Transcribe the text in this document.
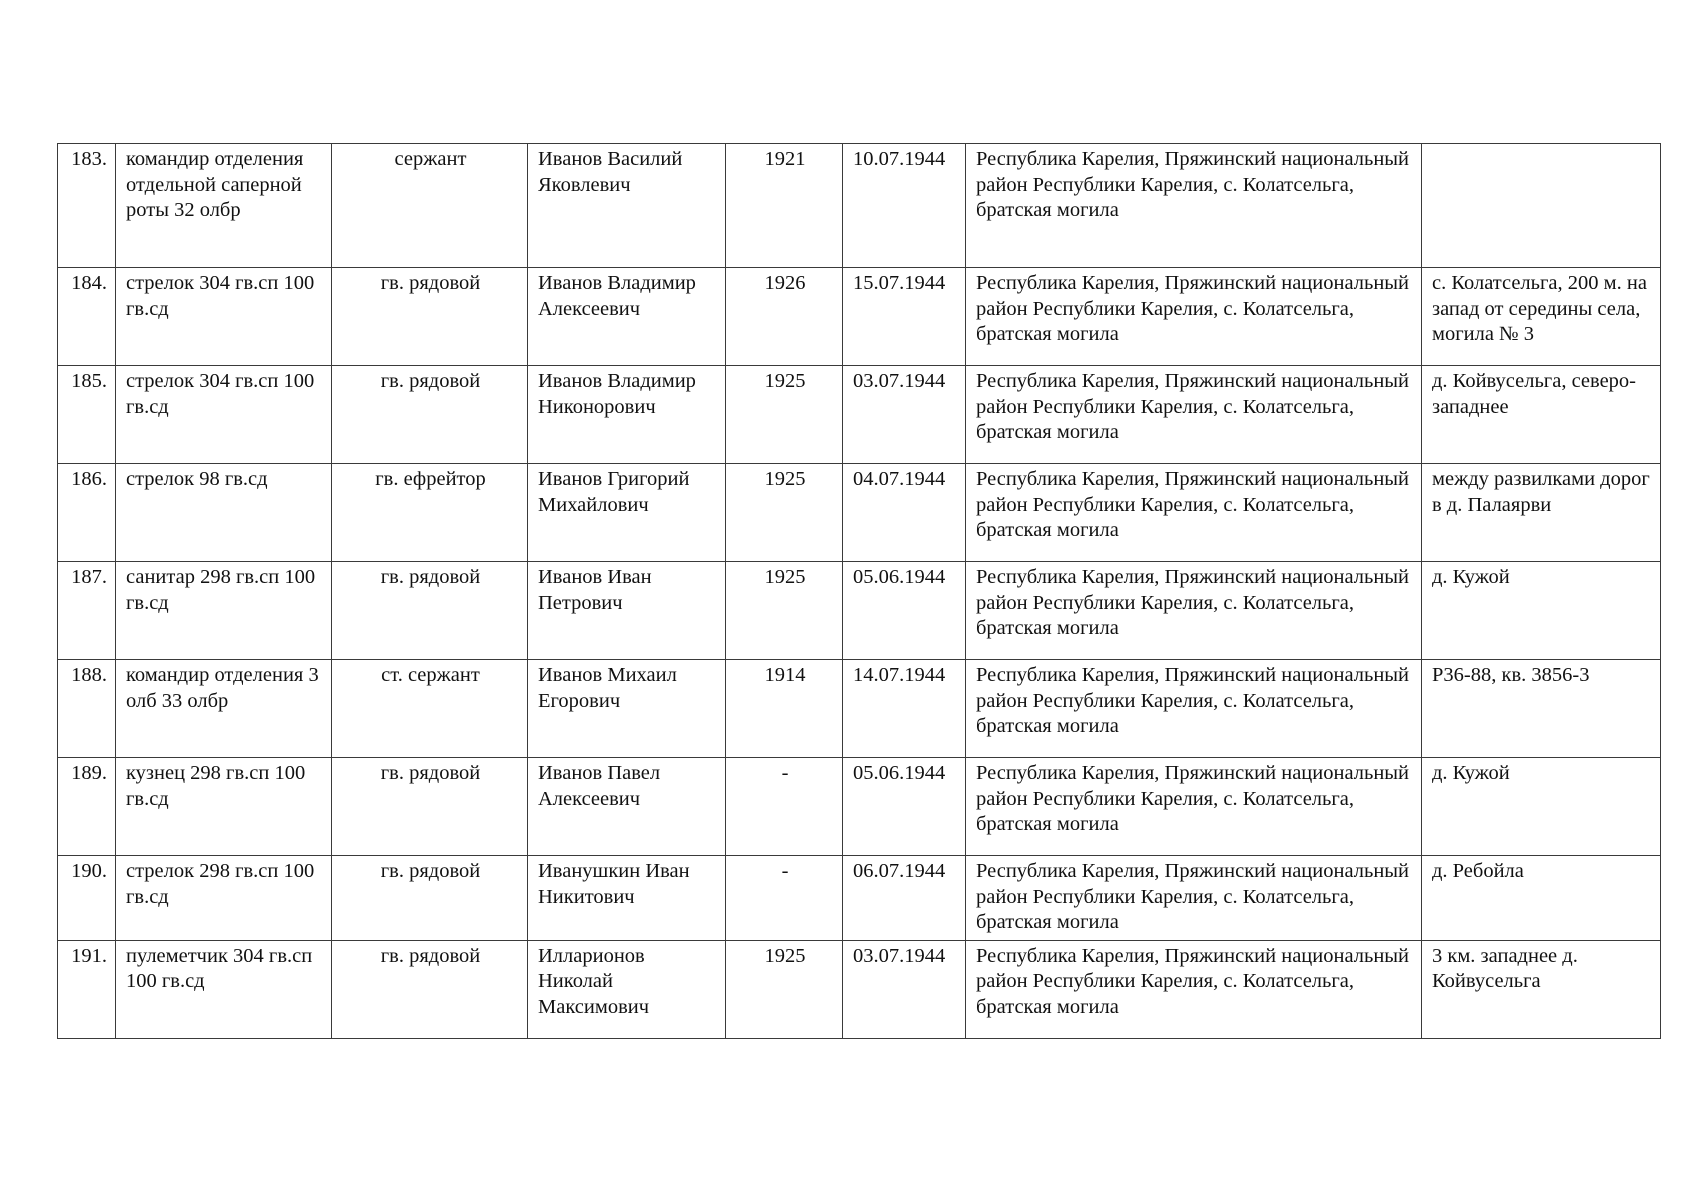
183.	командир отделения отдельной саперной роты 32 олбр	сержант	Иванов Василий Яковлевич	1921	10.07.1944	Республика Карелия, Пряжинский национальный район Республики Карелия, с. Колатсельга, братская могила	
184.	стрелок 304 гв.сп 100 гв.сд	гв. рядовой	Иванов Владимир Алексеевич	1926	15.07.1944	Республика Карелия, Пряжинский национальный район Республики Карелия, с. Колатсельга, братская могила	с. Колатсельга, 200 м. на запад от середины села, могила № 3
185.	стрелок 304 гв.сп 100 гв.сд	гв. рядовой	Иванов Владимир Никонорович	1925	03.07.1944	Республика Карелия, Пряжинский национальный район Республики Карелия, с. Колатсельга, братская могила	д. Койвусельга, северо-западнее
186.	стрелок 98 гв.сд	гв. ефрейтор	Иванов Григорий Михайлович	1925	04.07.1944	Республика Карелия, Пряжинский национальный район Республики Карелия, с. Колатсельга, братская могила	между развилками дорог в д. Палаярви
187.	санитар 298 гв.сп 100 гв.сд	гв. рядовой	Иванов Иван Петрович	1925	05.06.1944	Республика Карелия, Пряжинский национальный район Республики Карелия, с. Колатсельга, братская могила	д. Кужой
188.	командир отделения 3 олб 33 олбр	ст. сержант	Иванов Михаил Егорович	1914	14.07.1944	Республика Карелия, Пряжинский национальный район Республики Карелия, с. Колатсельга, братская могила	Р36-88, кв. 3856-3
189.	кузнец 298 гв.сп 100 гв.сд	гв. рядовой	Иванов Павел Алексеевич	-	05.06.1944	Республика Карелия, Пряжинский национальный район Республики Карелия, с. Колатсельга, братская могила	д. Кужой
190.	стрелок 298 гв.сп 100 гв.сд	гв. рядовой	Иванушкин Иван Никитович	-	06.07.1944	Республика Карелия, Пряжинский национальный район Республики Карелия, с. Колатсельга, братская могила	д. Ребойла
191.	пулеметчик 304 гв.сп 100 гв.сд	гв. рядовой	Илларионов Николай Максимович	1925	03.07.1944	Республика Карелия, Пряжинский национальный район Республики Карелия, с. Колатсельга, братская могила	3 км. западнее д. Койвусельга
